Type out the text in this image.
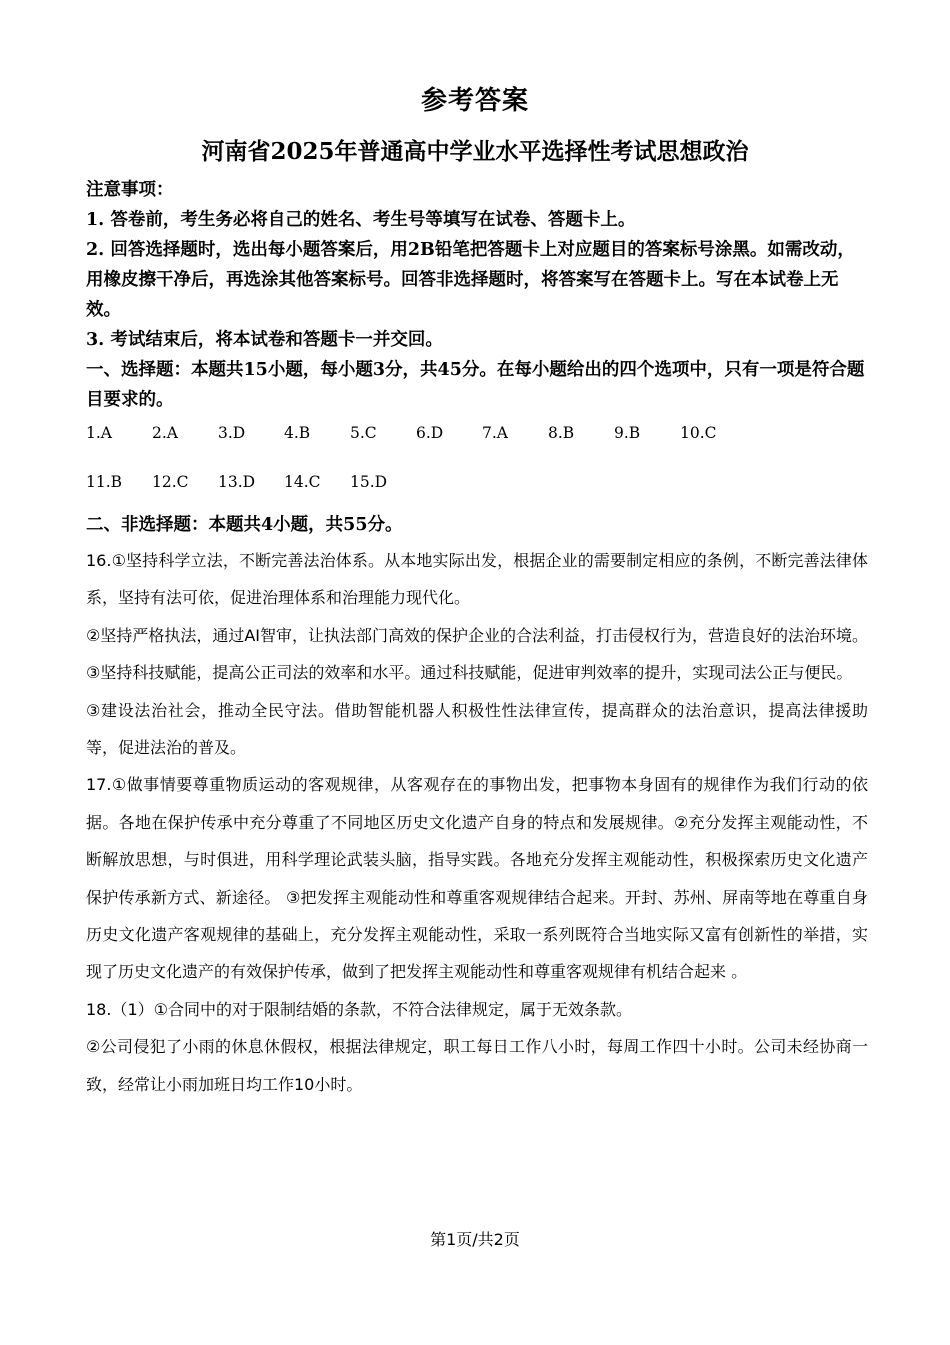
参考答案
河南省2025年普通高中学业水平选择性考试思想政治

注意事项：

1. 答卷前，考生务必将自己的姓名、考生号等填写在试卷、答题卡上。

2. 回答选择题时，选出每小题答案后，用2B铅笔把答题卡上对应题目的答案标号涂黑。如需改动，用橡皮擦干净后，再选涂其他答案标号。回答非选择题时，将答案写在答题卡上。写在本试卷上无效。

3. 考试结束后，将本试卷和答题卡一并交回。

一、选择题：本题共15小题，每小题3分，共45分。在每小题给出的四个选项中，只有一项是符合题目要求的。

1.A	2.A	3.D	4.B	5.C	6.D	7.A	8.B	9.B	10.C
11.B 12.C 13.D 14.C 15.D
二、非选择题：本题共4小题，共55分。

16.①坚持科学立法，不断完善法治体系。从本地实际出发，根据企业的需要制定相应的条例，不断完善法律体系，坚持有法可依，促进治理体系和治理能力现代化。

②坚持严格执法，通过AI智审，让执法部门高效的保护企业的合法利益，打击侵权行为，营造良好的法治环境。

③坚持科技赋能，提高公正司法的效率和水平。通过科技赋能，促进审判效率的提升，实现司法公正与便民。

③建设法治社会，推动全民守法。借助智能机器人积极性性法律宣传，提高群众的法治意识，提高法律援助等，促进法治的普及。

17.①做事情要尊重物质运动的客观规律，从客观存在的事物出发，把事物本身固有的规律作为我们行动的依据。各地在保护传承中充分尊重了不同地区历史文化遗产自身的特点和发展规律。②充分发挥主观能动性，不断解放思想，与时俱进，用科学理论武装头脑，指导实践。各地充分发挥主观能动性，积极探索历史文化遗产保护传承新方式、新途径。 ③把发挥主观能动性和尊重客观规律结合起来。开封、苏州、屏南等地在尊重自身历史文化遗产客观规律的基础上，充分发挥主观能动性，采取一系列既符合当地实际又富有创新性的举措，实现了历史文化遗产的有效保护传承，做到了把发挥主观能动性和尊重客观规律有机结合起来 。

18.（1）①合同中的对于限制结婚的条款，不符合法律规定，属于无效条款。

②公司侵犯了小雨的休息休假权，根据法律规定，职工每日工作八小时，每周工作四十小时。公司未经协商一致，经常让小雨加班日均工作10小时。

第1页/共2页
